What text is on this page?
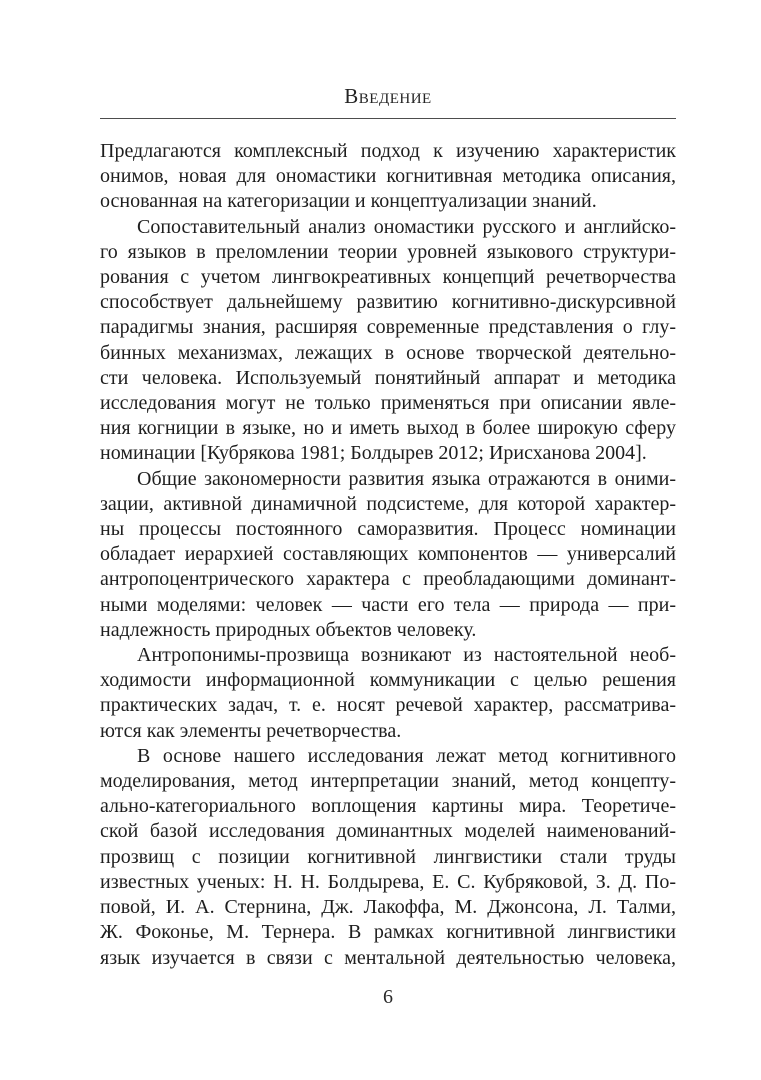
Введение
Предлагаются комплексный подход к изучению характеристик
онимов, новая для ономастики когнитивная методика описания,
основанная на категоризации и концептуализации знаний.
Сопоставительный анализ ономастики русского и английско-
го языков в преломлении теории уровней языкового структури-
рования с учетом лингвокреативных концепций речетворчества
способствует дальнейшему развитию когнитивно-дискурсивной
парадигмы знания, расширяя современные представления о глу-
бинных механизмах, лежащих в основе творческой деятельно-
сти человека. Используемый понятийный аппарат и методика
исследования могут не только применяться при описании явле-
ния когниции в языке, но и иметь выход в более широкую сферу
номинации [Кубрякова 1981; Болдырев 2012; Ирисханова 2004].
Общие закономерности развития языка отражаются в оними-
зации, активной динамичной подсистеме, для которой характер-
ны процессы постоянного саморазвития. Процесс номинации
обладает иерархией составляющих компонентов — универсалий
антропоцентрического характера с преобладающими доминант-
ными моделями: человек — части его тела — природа — при-
надлежность природных объектов человеку.
Антропонимы-прозвища возникают из настоятельной необ-
ходимости информационной коммуникации с целью решения
практических задач, т. е. носят речевой характер, рассматрива-
ются как элементы речетворчества.
В основе нашего исследования лежат метод когнитивного
моделирования, метод интерпретации знаний, метод концепту-
ально-категориального воплощения картины мира. Теоретиче-
ской базой исследования доминантных моделей наименований-
прозвищ с позиции когнитивной лингвистики стали труды
известных ученых: Н. Н. Болдырева, Е. С. Кубряковой, З. Д. По-
повой, И. А. Стернина, Дж. Лакоффа, М. Джонсона, Л. Талми,
Ж. Фоконье, М. Тернера. В рамках когнитивной лингвистики
язык изучается в связи с ментальной деятельностью человека,
6
